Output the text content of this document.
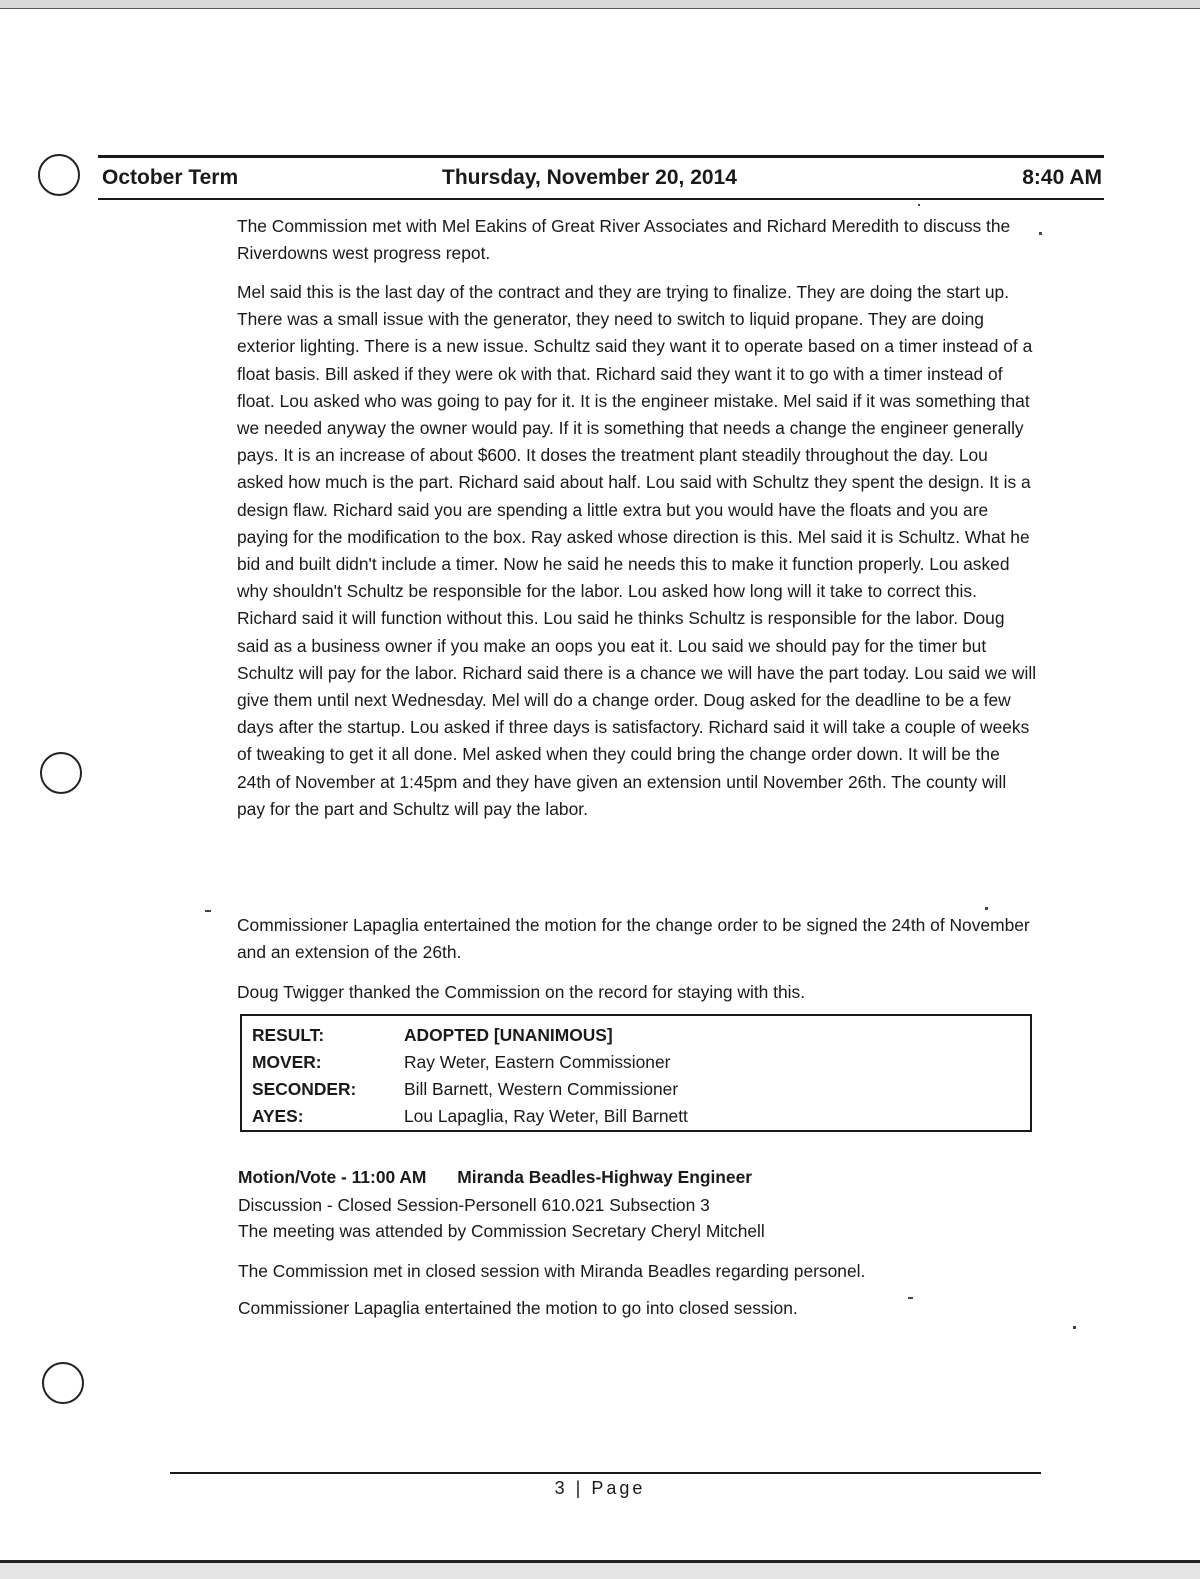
October Term	Thursday, November 20, 2014	8:40 AM

The Commission met with Mel Eakins of Great River Associates and Richard Meredith to discuss the Riverdowns west progress repot.

Mel said this is the last day of the contract and they are trying to finalize. They are doing the start up. There was a small issue with the generator, they need to switch to liquid propane. They are doing exterior lighting. There is a new issue. Schultz said they want it to operate based on a timer instead of a float basis. Bill asked if they were ok with that. Richard said they want it to go with a timer instead of float. Lou asked who was going to pay for it. It is the engineer mistake. Mel said if it was something that we needed anyway the owner would pay. If it is something that needs a change the engineer generally pays. It is an increase of about $600. It doses the treatment plant steadily throughout the day. Lou asked how much is the part. Richard said about half. Lou said with Schultz they spent the design. It is a design flaw. Richard said you are spending a little extra but you would have the floats and you are paying for the modification to the box. Ray asked whose direction is this. Mel said it is Schultz. What he bid and built didn't include a timer. Now he said he needs this to make it function properly. Lou asked why shouldn't Schultz be responsible for the labor. Lou asked how long will it take to correct this. Richard said it will function without this. Lou said he thinks Schultz is responsible for the labor. Doug said as a business owner if you make an oops you eat it. Lou said we should pay for the timer but Schultz will pay for the labor. Richard said there is a chance we will have the part today. Lou said we will give them until next Wednesday. Mel will do a change order. Doug asked for the deadline to be a few days after the startup. Lou asked if three days is satisfactory. Richard said it will take a couple of weeks of tweaking to get it all done. Mel asked when they could bring the change order down. It will be the 24th of November at 1:45pm and they have given an extension until November 26th. The county will pay for the part and Schultz will pay the labor.

Commissioner Lapaglia entertained the motion for the change order to be signed the 24th of November and an extension of the 26th.

Doug Twigger thanked the Commission on the record for staying with this.

RESULT:	ADOPTED [UNANIMOUS]
MOVER:	Ray Weter, Eastern Commissioner
SECONDER:	Bill Barnett, Western Commissioner
AYES:	Lou Lapaglia, Ray Weter, Bill Barnett
Motion/Vote - 11:00 AM Miranda Beadles-Highway Engineer
Discussion - Closed Session-Personell 610.021 Subsection 3
The meeting was attended by Commission Secretary Cheryl Mitchell
The Commission met in closed session with Miranda Beadles regarding personel.
Commissioner Lapaglia entertained the motion to go into closed session.
3 | Page
